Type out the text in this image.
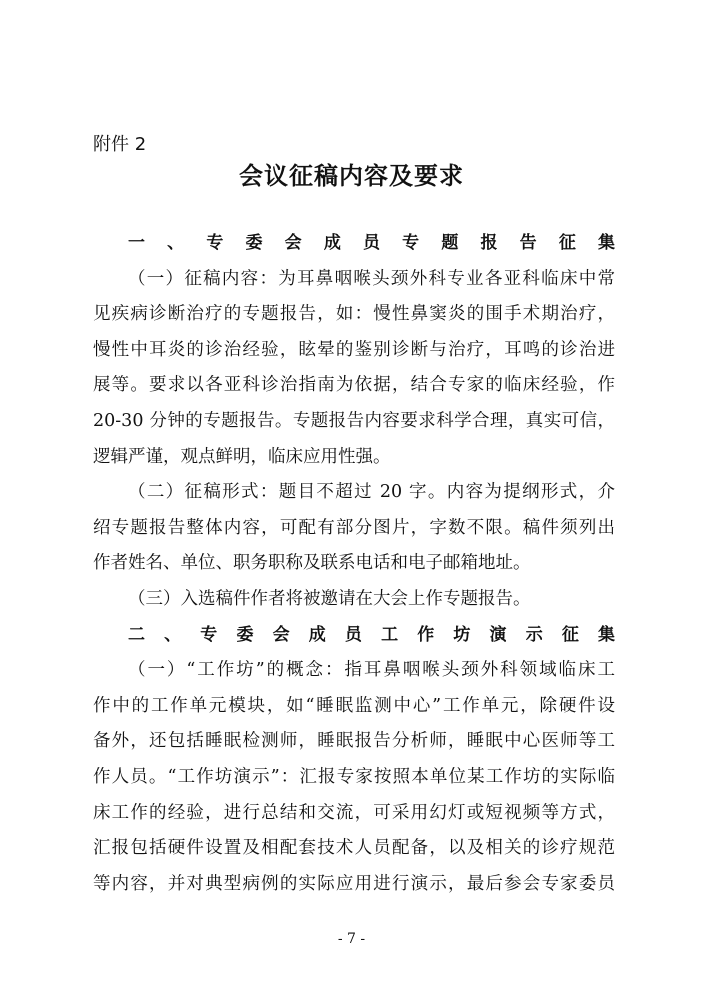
附件 2
会议征稿内容及要求
一、专委会成员专题报告征集
（一）征稿内容：为耳鼻咽喉头颈外科专业各亚科临床中常
见疾病诊断治疗的专题报告，如：慢性鼻窦炎的围手术期治疗，
慢性中耳炎的诊治经验，眩晕的鉴别诊断与治疗，耳鸣的诊治进
展等。要求以各亚科诊治指南为依据，结合专家的临床经验，作
20-30 分钟的专题报告。专题报告内容要求科学合理，真实可信，
逻辑严谨，观点鲜明，临床应用性强。
（二）征稿形式：题目不超过 20 字。内容为提纲形式，介
绍专题报告整体内容，可配有部分图片，字数不限。稿件须列出
作者姓名、单位、职务职称及联系电话和电子邮箱地址。
（三）入选稿件作者将被邀请在大会上作专题报告。
二、专委会成员工作坊演示征集
（一）“工作坊”的概念：指耳鼻咽喉头颈外科领域临床工
作中的工作单元模块，如“睡眠监测中心”工作单元，除硬件设
备外，还包括睡眠检测师，睡眠报告分析师，睡眠中心医师等工
作人员。“工作坊演示”：汇报专家按照本单位某工作坊的实际临
床工作的经验，进行总结和交流，可采用幻灯或短视频等方式，
汇报包括硬件设置及相配套技术人员配备，以及相关的诊疗规范
等内容，并对典型病例的实际应用进行演示，最后参会专家委员
- 7 -
